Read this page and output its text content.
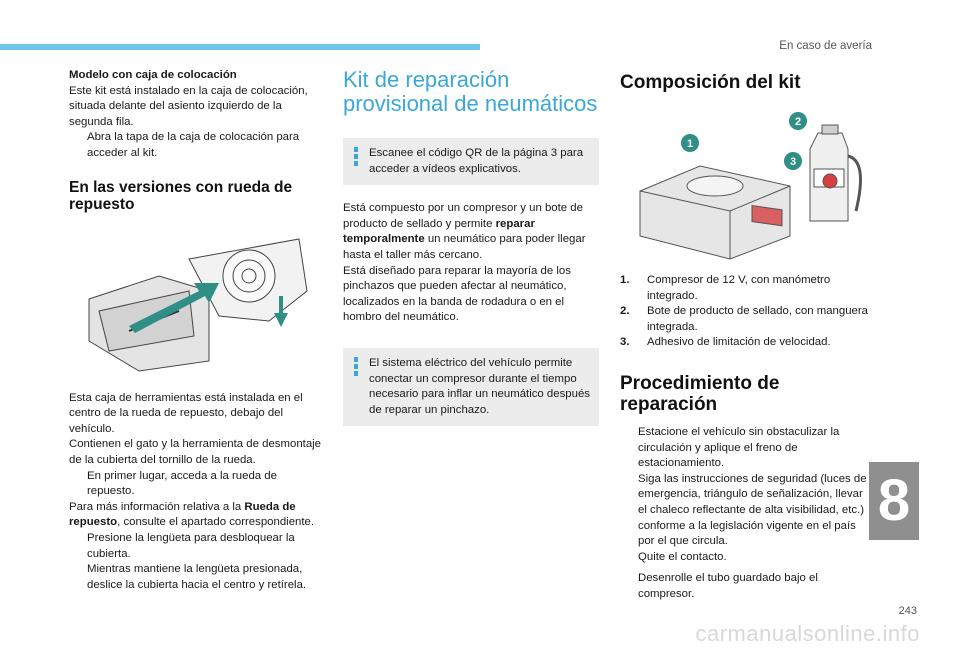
En caso de avería

Modelo con caja de colocación

Este kit está instalado en la caja de colocación, situada delante del asiento izquierdo de la segunda fila.

Abra la tapa de la caja de colocación para acceder al kit.

En las versiones con rueda de repuesto

Esta caja de herramientas está instalada en el centro de la rueda de repuesto, debajo del vehículo.

Contienen el gato y la herramienta de desmontaje de la cubierta del tornillo de la rueda.

En primer lugar, acceda a la rueda de repuesto.

Para más información relativa a la Rueda de repuesto, consulte el apartado correspondiente.

Presione la lengüeta para desbloquear la cubierta.

Mientras mantiene la lengüeta presionada, deslice la cubierta hacia el centro y retírela.

Kit de reparación provisional de neumáticos

Escanee el código QR de la página 3 para acceder a vídeos explicativos.

Está compuesto por un compresor y un bote de producto de sellado y permite reparar temporalmente un neumático para poder llegar hasta el taller más cercano.

Está diseñado para reparar la mayoría de los pinchazos que pueden afectar al neumático, localizados en la banda de rodadura o en el hombro del neumático.

El sistema eléctrico del vehículo permite conectar un compresor durante el tiempo necesario para inflar un neumático después de reparar un pinchazo.

Composición del kit
1
2
3

1.	Compresor de 12 V, con manómetro integrado.

2.	Bote de producto de sellado, con manguera integrada.

3.	Adhesivo de limitación de velocidad.

Procedimiento de reparación

Estacione el vehículo sin obstaculizar la circulación y aplique el freno de estacionamiento.

Siga las instrucciones de seguridad (luces de emergencia, triángulo de señalización, llevar el chaleco reflectante de alta visibilidad, etc.) conforme a la legislación vigente en el país por el que circula.

Quite el contacto.

Desenrolle el tubo guardado bajo el compresor.

8
243
carmanualsonline.info
